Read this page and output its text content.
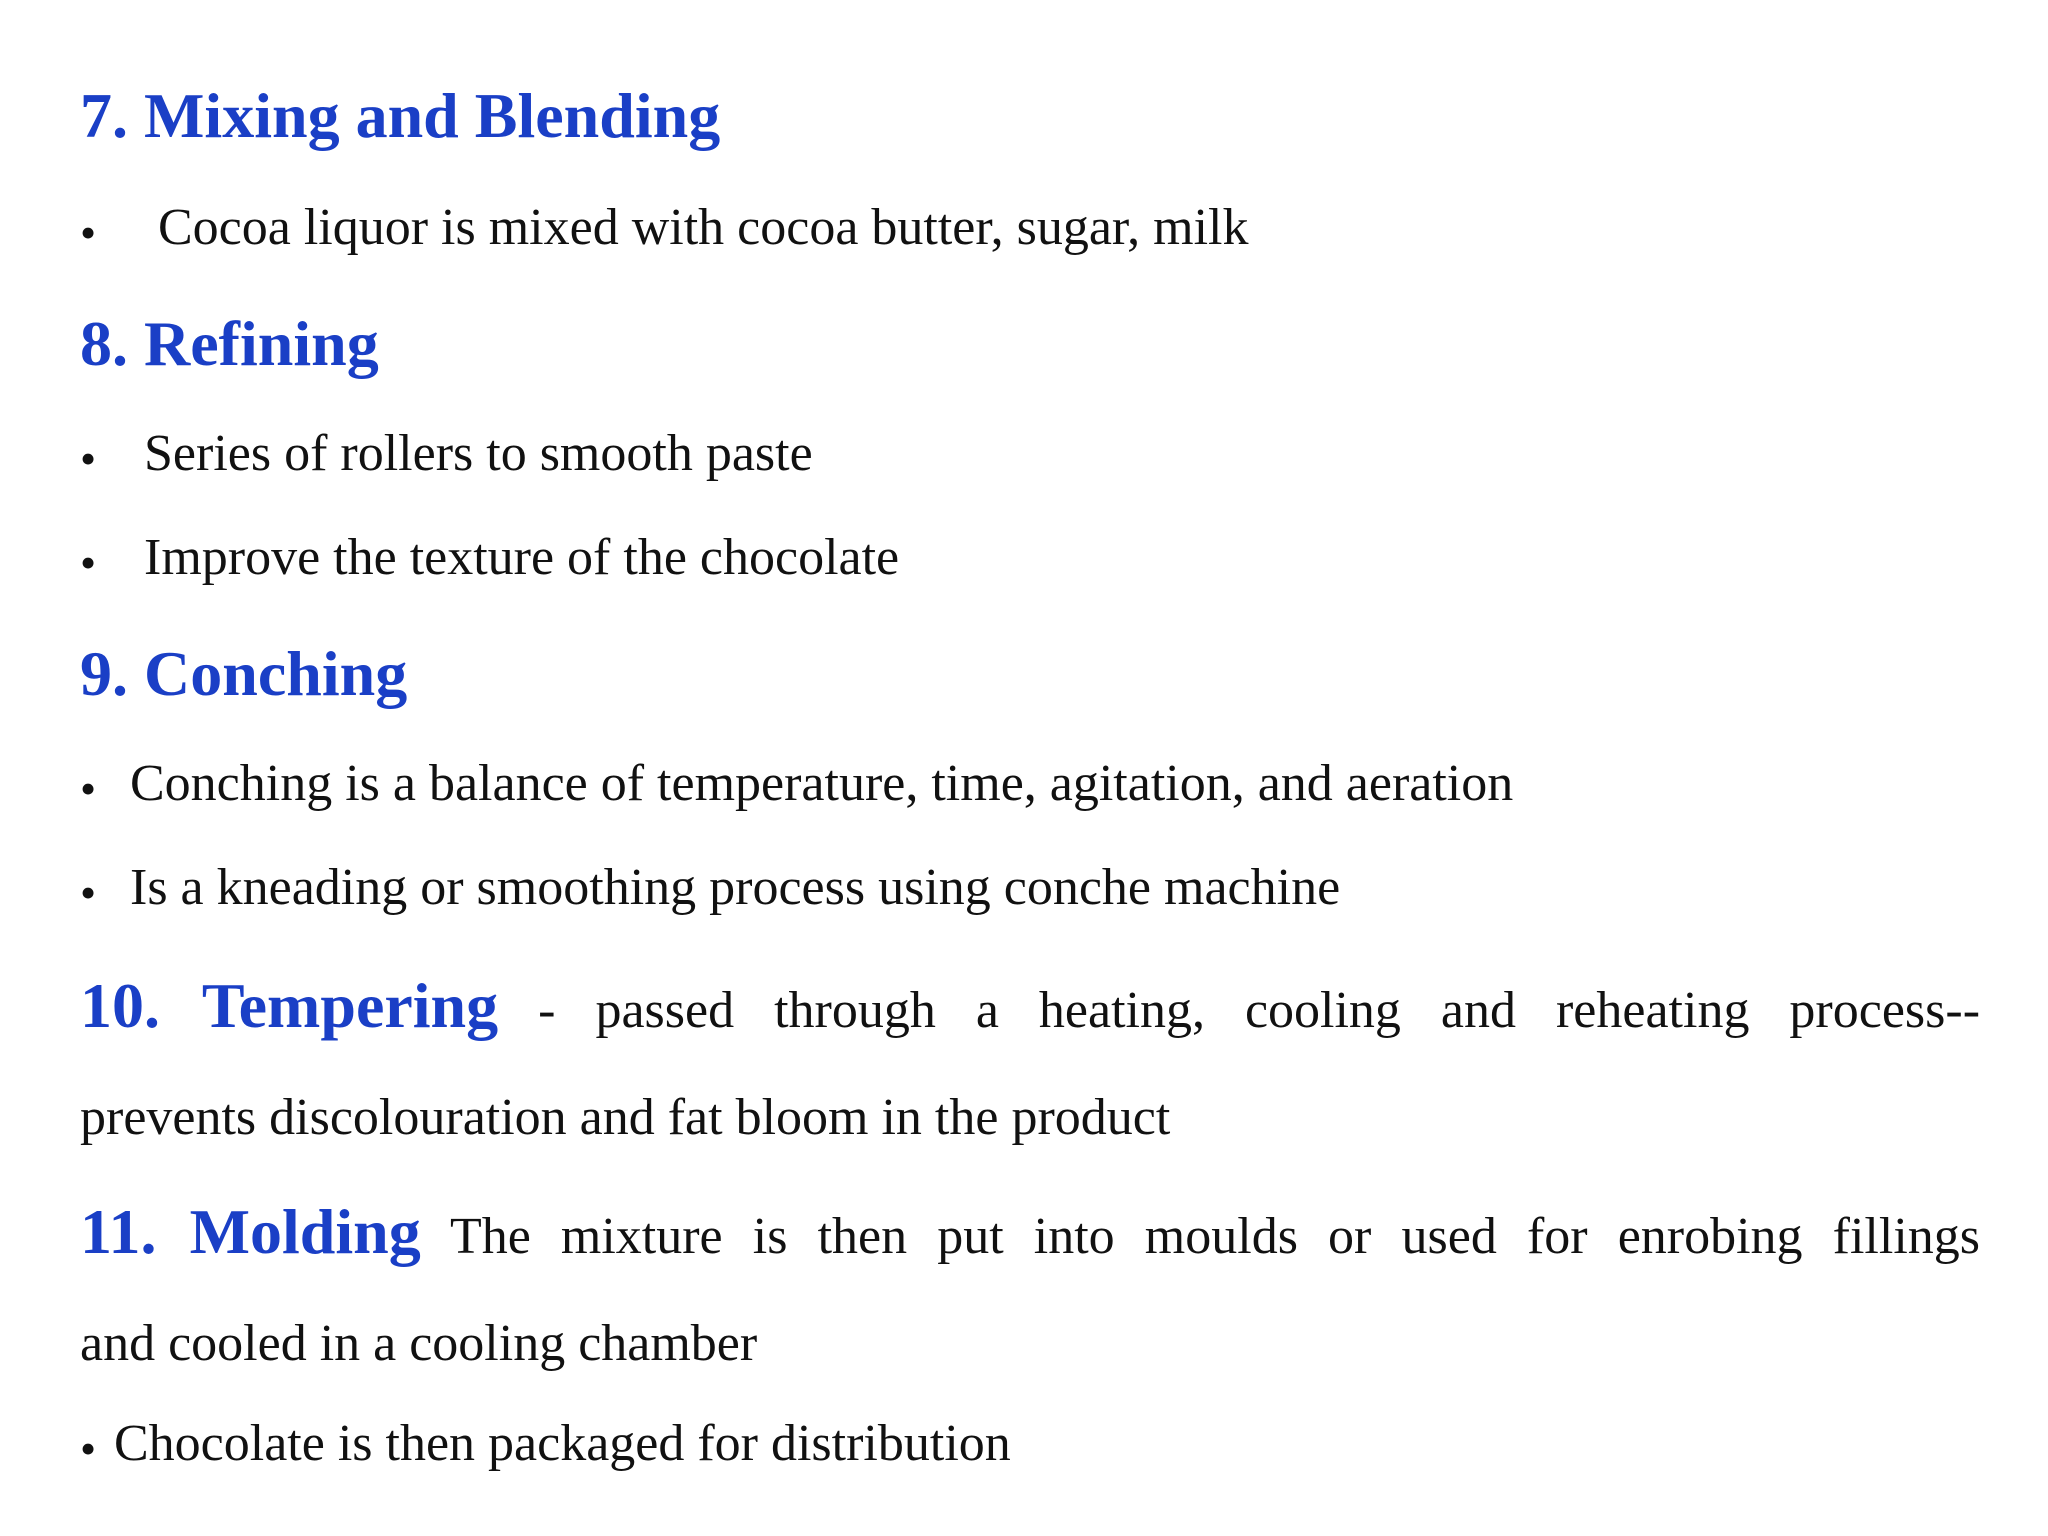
7. Mixing and Blending
• Cocoa liquor is mixed with cocoa butter, sugar, milk
8. Refining
• Series of rollers to smooth paste
• Improve the texture of the chocolate
9. Conching
• Conching is a balance of temperature, time, agitation, and aeration
• Is a kneading or smoothing process using conche machine
10. Tempering - passed through a heating, cooling and reheating process--
prevents discolouration and fat bloom in the product
11. Molding The mixture is then put into moulds or used for enrobing fillings
and cooled in a cooling chamber
• Chocolate is then packaged for distribution
